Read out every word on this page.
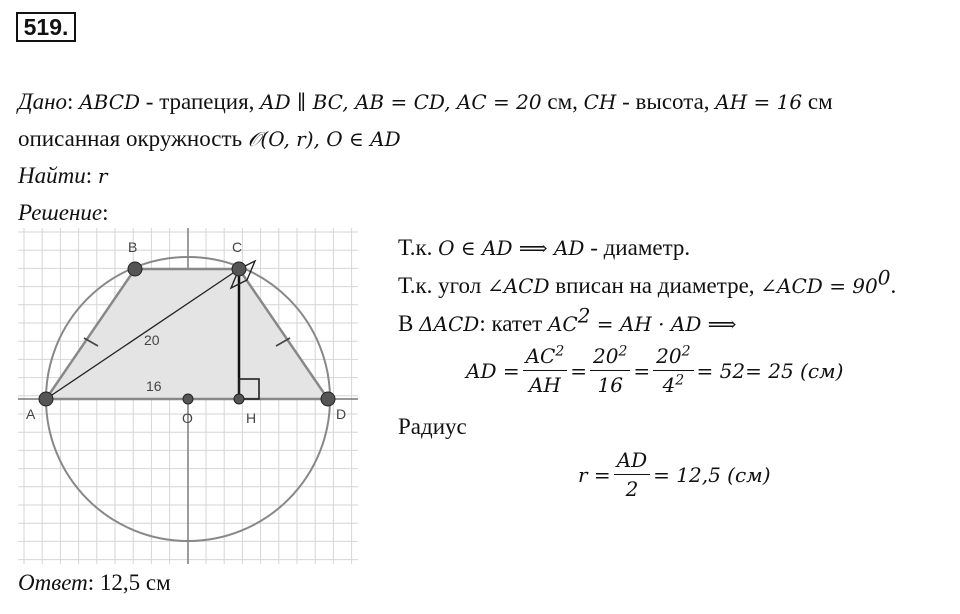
519.
Дано: ABCD - трапеция, AD ∥ BC, AB = CD, AC = 20 см, CH - высота, AH = 16 см
описанная окружность 𝒪(O, r), O ∈ AD
Найти: r
Решение:
B	C
A	D
O	H
20
16
Т.к. O ∈ AD ⟹ AD - диаметр.
Т.к. угол ∠ACD вписан на диаметре, ∠ACD = $90^0$.
В ΔACD: катет $AC^2$ = AH · AD ⟹
AD = $\frac{AC^2}{AH} = \frac{20^2}{16} = \frac{20^2}{4^2} = 5$ 2 = 25 (см)
Радиус
$r = \frac{AD}{2} = 12,5$ (см)
Ответ: 12,5 см
